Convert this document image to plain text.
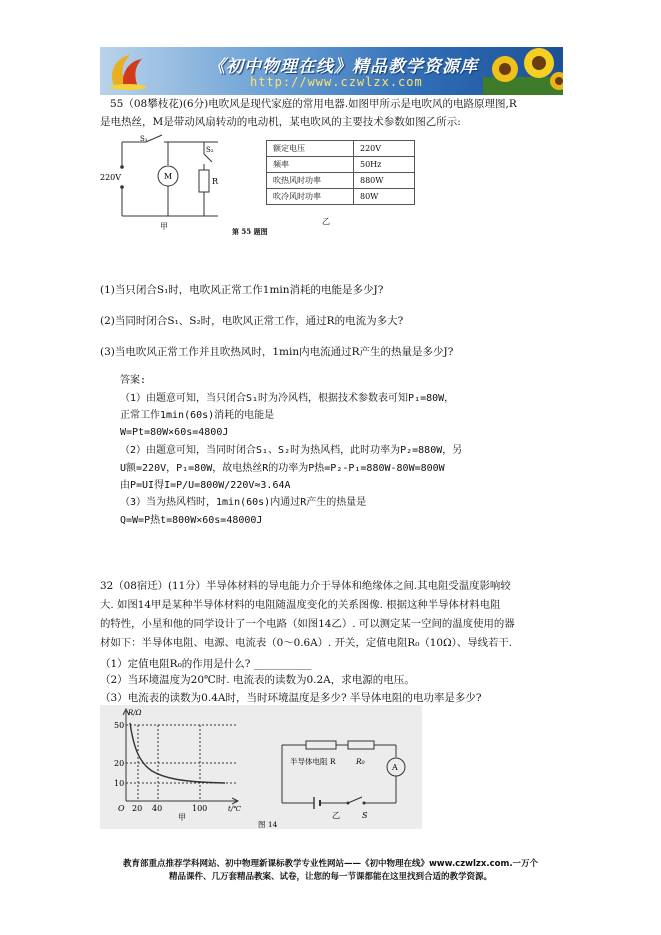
《初中物理在线》精品教学资源库
http://www.czwlzx.com
55（08攀枝花)(6分)电吹风是现代家庭的常用电器.如图甲所示是电吹风的电路原理图,R
是电热丝，M是带动风扇转动的电动机，某电吹风的主要技术参数如图乙所示:
S₁
S₂
220V	M
R
甲
额定电压	220V
频率	50Hz
吹热风时功率	880W
吹冷风时功率	80W
乙
第 55 题图
(1)当只闭合S₁时，电吹风正常工作1min消耗的电能是多少J?
(2)当同时闭合S₁、S₂时，电吹风正常工作，通过R的电流为多大?
(3)当电吹风正常工作并且吹热风时，1min内电流通过R产生的热量是多少J?
答案:
（1）由题意可知，当只闭合S₁时为冷风档，根据技术参数表可知P₁=80W，
正常工作1min(60s)消耗的电能是
W=Pt=80W×60s=4800J
（2）由题意可知，当同时闭合S₁、S₂时为热风档，此时功率为P₂=880W，另
U额=220V，P₁=80W，故电热丝R的功率为P热=P₂-P₁=880W-80W=800W
由P=UI得I=P/U=800W/220V≈3.64A
（3）当为热风档时，1min(60s)内通过R产生的热量是
Q=W=P热t=800W×60s=48000J
32（08宿迁）(11分）半导体材料的导电能力介于导体和绝缘体之间.其电阻受温度影响较
大. 如图14甲是某种半导体材料的电阻随温度变化的关系图像. 根据这种半导体材料电阻
的特性，小星和他的同学设计了一个电路（如图14乙）. 可以测定某一空间的温度使用的器
材如下：半导体电阻、电源、电流表（0～0.6A）. 开关，定值电阻R₀（10Ω）、导线若干.
（1）定值电阻R₀的作用是什么? ___________
（2）当环境温度为20℃时. 电流表的读数为0.2A，求电源的电压。
（3）电流表的读数为0.4A时，当时环境温度是多少? 半导体电阻的电功率是多少?
R/Ω
50
20
10
O 20 40	100	t/℃
甲
半导体电阻 R	R₀
A
乙	S
图 14
教育部重点推荐学科网站、初中物理新课标教学专业性网站——《初中物理在线》www.czwlzx.com.一万个
精品课件、几万套精品教案、试卷，让您的每一节课都能在这里找到合适的教学资源。
